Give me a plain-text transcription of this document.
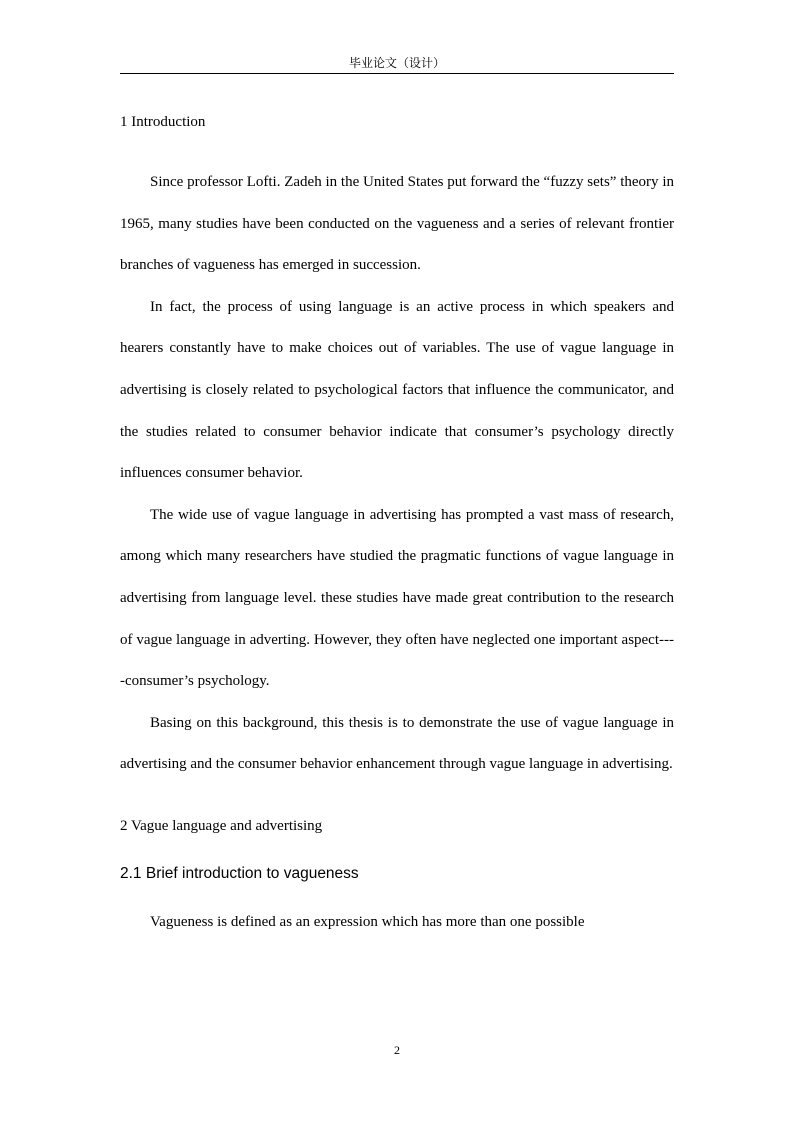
毕业论文（设计）
1 Introduction

Since professor Lofti. Zadeh in the United States put forward the “fuzzy sets” theory in 1965, many studies have been conducted on the vagueness and a series of relevant frontier branches of vagueness has emerged in succession.

In fact, the process of using language is an active process in which speakers and hearers constantly have to make choices out of variables. The use of vague language in advertising is closely related to psychological factors that influence the communicator, and the studies related to consumer behavior indicate that consumer’s psychology directly influences consumer behavior.

The wide use of vague language in advertising has prompted a vast mass of research, among which many researchers have studied the pragmatic functions of vague language in advertising from language level. these studies have made great contribution to the research of vague language in adverting. However, they often have neglected one important aspect----consumer’s psychology.

Basing on this background, this thesis is to demonstrate the use of vague language in advertising and the consumer behavior enhancement through vague language in advertising.

2 Vague language and advertising
2.1 Brief introduction to vagueness

Vagueness is defined as an expression which has more than one possible

2
